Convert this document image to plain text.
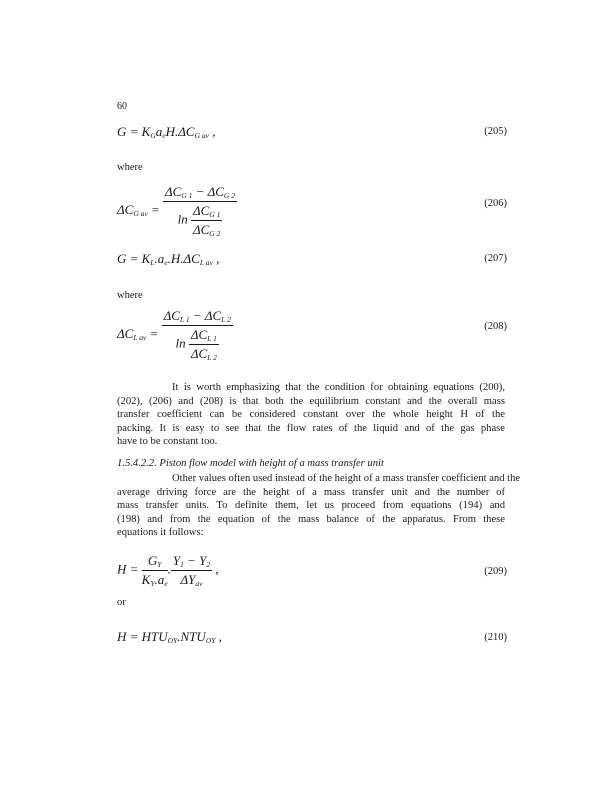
60
$G = K_Ga_eH.\Delta C_{G av}$ ,	(205)
where
$\Delta C_{G av} = \frac{\Delta C_{G 1} - \Delta C_{G 2}}{\ln \frac{\Delta C_{G 1}}{\Delta C_{G 2}}}$	(206)
$G = K_L.a_e.H.\Delta C_{L av}$ ,	(207)
where
$\Delta C_{L av} = \frac{\Delta C_{L 1} - \Delta C_{L 2}}{\ln \frac{\Delta C_{L 1}}{\Delta C_{L 2}}}$	(208)
It is worth emphasizing that the condition for obtaining equations (200),
(202), (206) and (208) is that both the equilibrium constant and the overall mass
transfer coefficient can be considered constant over the whole height H of the
packing. It is easy to see that the flow rates of the liquid and of the gas phase
have to be constant too.
1.5.4.2.2. Piston flow model with height of a mass transfer unit
Other values often used instead of the height of a mass transfer coefficient and the
average driving force are the height of a mass transfer unit and the number of
mass transfer units. To definite them, let us proceed from equations (194) and
(198) and from the equation of the mass balance of the apparatus. From these
equations it follows:
$H = \frac{G_Y}{K_Y.a_e}$ . $\frac{Y_1 - Y_2}{\Delta Y_{av}}$ ,	(209)
or
$H = HTU_{OY}.NTU_{OY}$ ,	(210)
